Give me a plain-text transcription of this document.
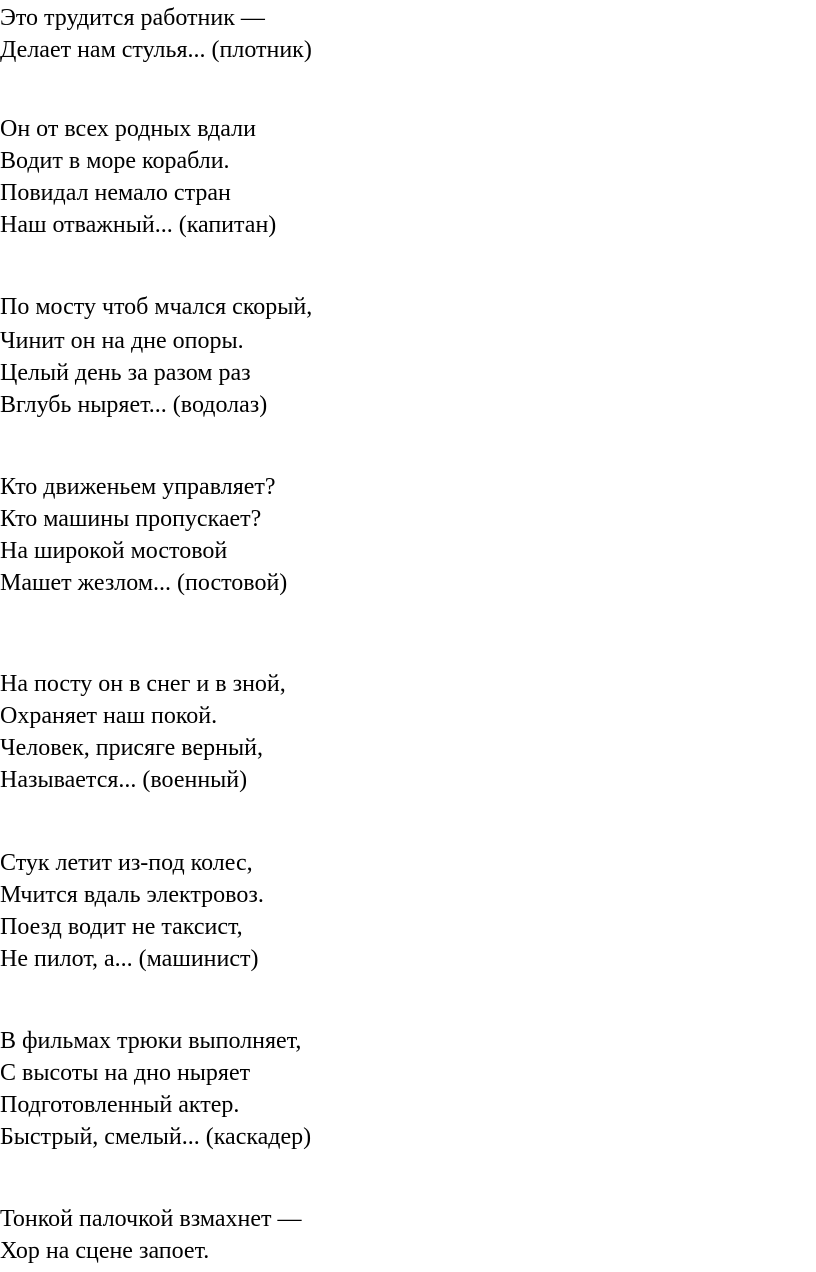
Это трудится работник —
Делает нам стулья... (плотник)
Он от всех родных вдали
Водит в море корабли.
Повидал немало стран
Наш отважный... (капитан)
По мосту чтоб мчался скорый,
Чинит он на дне опоры.
Целый день за разом раз
Вглубь ныряет... (водолаз)
Кто движеньем управляет?
Кто машины пропускает?
На широкой мостовой
Машет жезлом... (постовой)
На посту он в снег и в зной,
Охраняет наш покой.
Человек, присяге верный,
Называется... (военный)
Стук летит из-под колес,
Мчится вдаль электровоз.
Поезд водит не таксист,
Не пилот, а... (машинист)
В фильмах трюки выполняет,
С высоты на дно ныряет
Подготовленный актер.
Быстрый, смелый... (каскадер)
Тонкой палочкой взмахнет —
Хор на сцене запоет.
